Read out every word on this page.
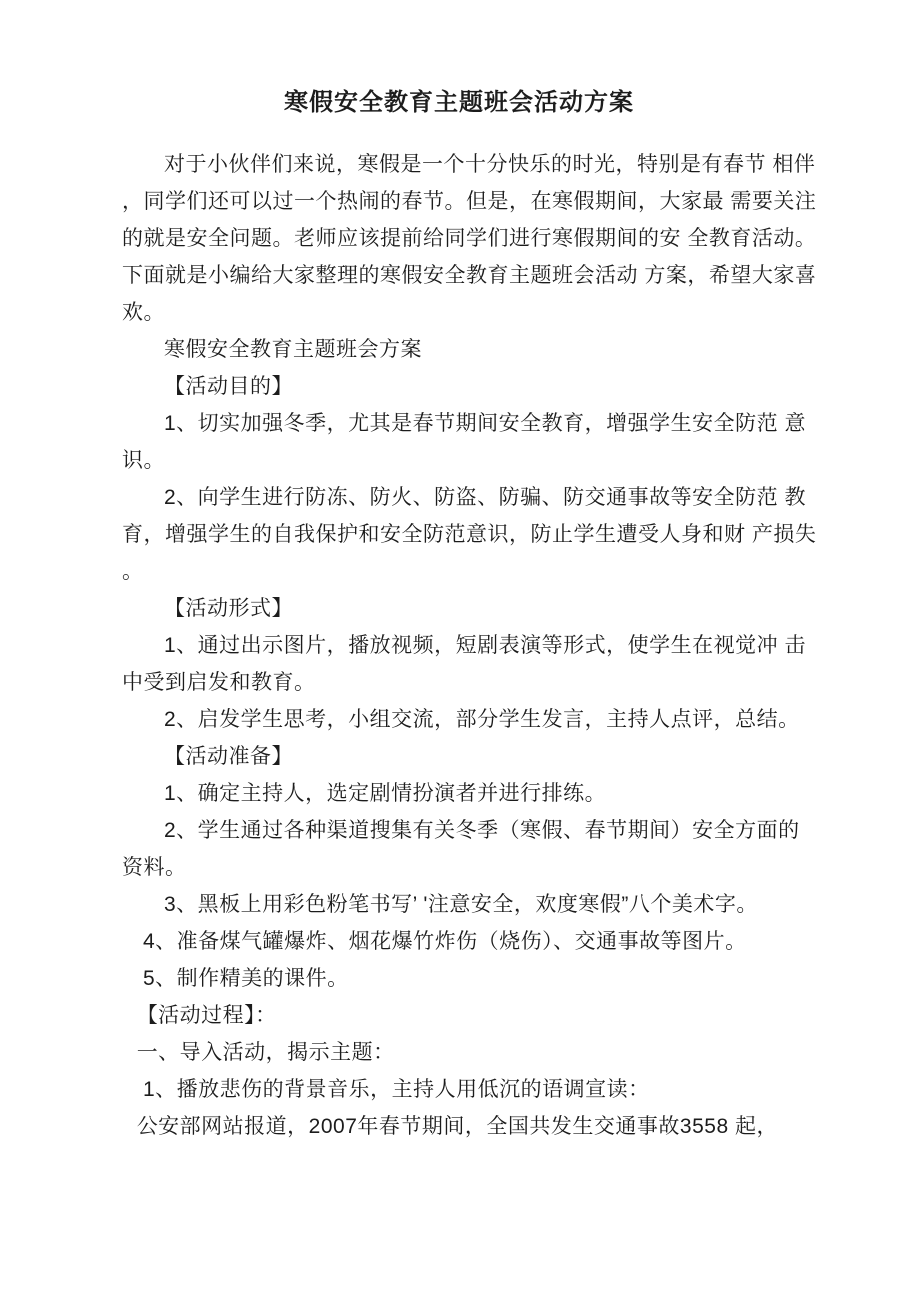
寒假安全教育主题班会活动方案

对于小伙伴们来说，寒假是一个十分快乐的时光，特别是有春节 相伴
，同学们还可以过一个热闹的春节。但是，在寒假期间，大家最 需要关注
的就是安全问题。老师应该提前给同学们进行寒假期间的安 全教育活动。
下面就是小编给大家整理的寒假安全教育主题班会活动 方案，希望大家喜
欢。

寒假安全教育主题班会方案

【活动目的】

1、切实加强冬季，尤其是春节期间安全教育，增强学生安全防范 意
识。

2、向学生进行防冻、防火、防盗、防骗、防交通事故等安全防范 教
育，增强学生的自我保护和安全防范意识，防止学生遭受人身和财 产损失
。

【活动形式】

1、通过出示图片，播放视频，短剧表演等形式，使学生在视觉冲 击
中受到启发和教育。

2、启发学生思考，小组交流，部分学生发言，主持人点评，总结。

【活动准备】

1、确定主持人，选定剧情扮演者并进行排练。

2、学生通过各种渠道搜集有关冬季（寒假、春节期间）安全方面的
资料。

3、黑板上用彩色粉笔书写’ '注意安全，欢度寒假”八个美术字。

4、准备煤气罐爆炸、烟花爆竹炸伤（烧伤）、交通事故等图片。

5、制作精美的课件。

【活动过程】：

一、导入活动，揭示主题：

1、播放悲伤的背景音乐，主持人用低沉的语调宣读：

公安部网站报道，2007年春节期间，全国共发生交通事故3558 起，
